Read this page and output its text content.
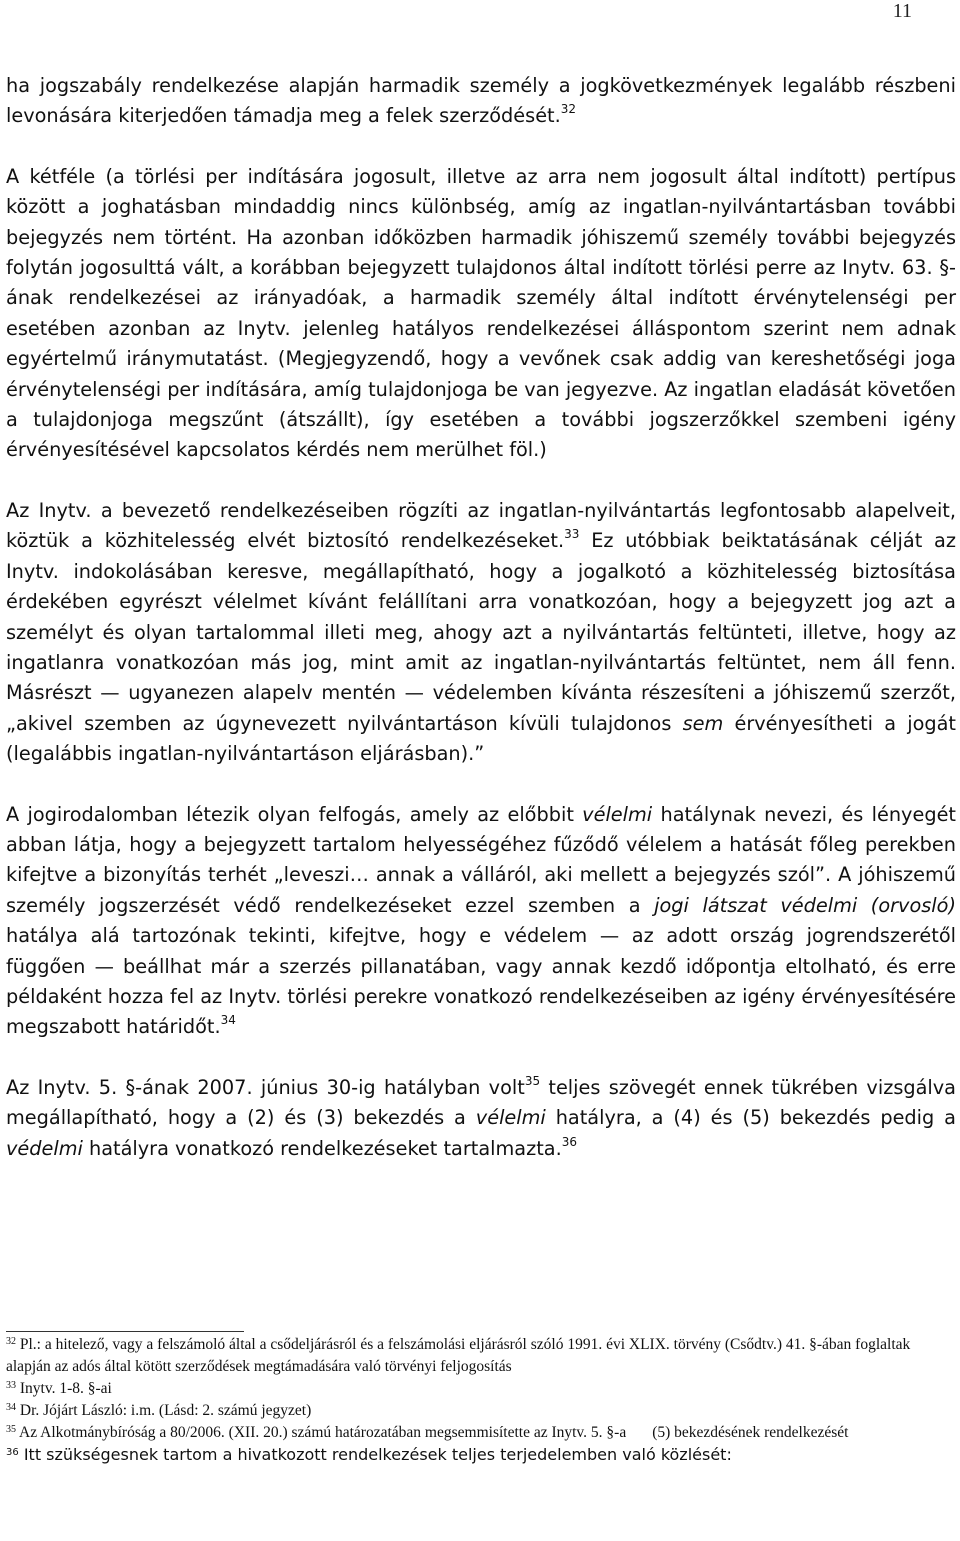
11

ha jogszabály rendelkezése alapján harmadik személy a jogkövetkezmények legalább részbeni levonására kiterjedően támadja meg a felek szerződését.$^{32}$

A kétféle (a törlési per indítására jogosult, illetve az arra nem jogosult által indított) pertípus között a joghatásban mindaddig nincs különbség, amíg az ingatlan-nyilvántartásban további bejegyzés nem történt. Ha azonban időközben harmadik jóhiszemű személy további bejegyzés folytán jogosulttá vált, a korábban bejegyzett tulajdonos által indított törlési perre az Inytv. 63. §-ának rendelkezései az irányadóak, a harmadik személy által indított érvénytelenségi per esetében azonban az Inytv. jelenleg hatályos rendelkezései álláspontom szerint nem adnak egyértelmű iránymutatást. (Megjegyzendő, hogy a vevőnek csak addig van kereshetőségi joga érvénytelenségi per indítására, amíg tulajdonjoga be van jegyezve. Az ingatlan eladását követően a tulajdonjoga megszűnt (átszállt), így esetében a további jogszerzőkkel szembeni igény érvényesítésével kapcsolatos kérdés nem merülhet föl.)

Az Inytv. a bevezető rendelkezéseiben rögzíti az ingatlan-nyilvántartás legfontosabb alapelveit, köztük a közhitelesség elvét biztosító rendelkezéseket.$^{33}$ Ez utóbbiak beiktatásának célját az Inytv. indokolásában keresve, megállapítható, hogy a jogalkotó a közhitelesség biztosítása érdekében egyrészt vélelmet kívánt felállítani arra vonatkozóan, hogy a bejegyzett jog azt a személyt és olyan tartalommal illeti meg, ahogy azt a nyilvántartás feltünteti, illetve, hogy az ingatlanra vonatkozóan más jog, mint amit az ingatlan-nyilvántartás feltüntet, nem áll fenn. Másrészt — ugyanezen alapelv mentén — védelemben kívánta részesíteni a jóhiszemű szerzőt, „akivel szemben az úgynevezett nyilvántartáson kívüli tulajdonos sem érvényesítheti a jogát (legalábbis ingatlan-nyilvántartáson eljárásban).”

A jogirodalomban létezik olyan felfogás, amely az előbbit vélelmi hatálynak nevezi, és lényegét abban látja, hogy a bejegyzett tartalom helyességéhez fűződő vélelem a hatását főleg perekben kifejtve a bizonyítás terhét „leveszi… annak a válláról, aki mellett a bejegyzés szól”. A jóhiszemű személy jogszerzését védő rendelkezéseket ezzel szemben a jogi látszat védelmi (orvosló) hatálya alá tartozónak tekinti, kifejtve, hogy e védelem — az adott ország jogrendszerétől függően — beállhat már a szerzés pillanatában, vagy annak kezdő időpontja eltolható, és erre példaként hozza fel az Inytv. törlési perekre vonatkozó rendelkezéseiben az igény érvényesítésére megszabott határidőt.$^{34}$

Az Inytv. 5. §-ának 2007. június 30-ig hatályban volt$^{35}$ teljes szövegét ennek tükrében vizsgálva megállapítható, hogy a (2) és (3) bekezdés a vélelmi hatályra, a (4) és (5) bekezdés pedig a védelmi hatályra vonatkozó rendelkezéseket tartalmazta.$^{36}$

$^{32}$ Pl.: a hitelező, vagy a felszámoló által a csődeljárásról és a felszámolási eljárásról szóló 1991. évi XLIX. törvény (Csődtv.) 41. §-ában foglaltak alapján az adós által kötött szerződések megtámadására való törvényi feljogosítás

$^{33}$ Inytv. 1-8. §-ai

$^{34}$ Dr. Jójárt László: i.m. (Lásd: 2. számú jegyzet)

$^{35}$ Az Alkotmánybíróság a 80/2006. (XII. 20.) számú határozatában megsemmisítette az Inytv. 5. §-a (5) bekezdésének rendelkezését

$^{36}$ Itt szükségesnek tartom a hivatkozott rendelkezések teljes terjedelemben való közlését:
